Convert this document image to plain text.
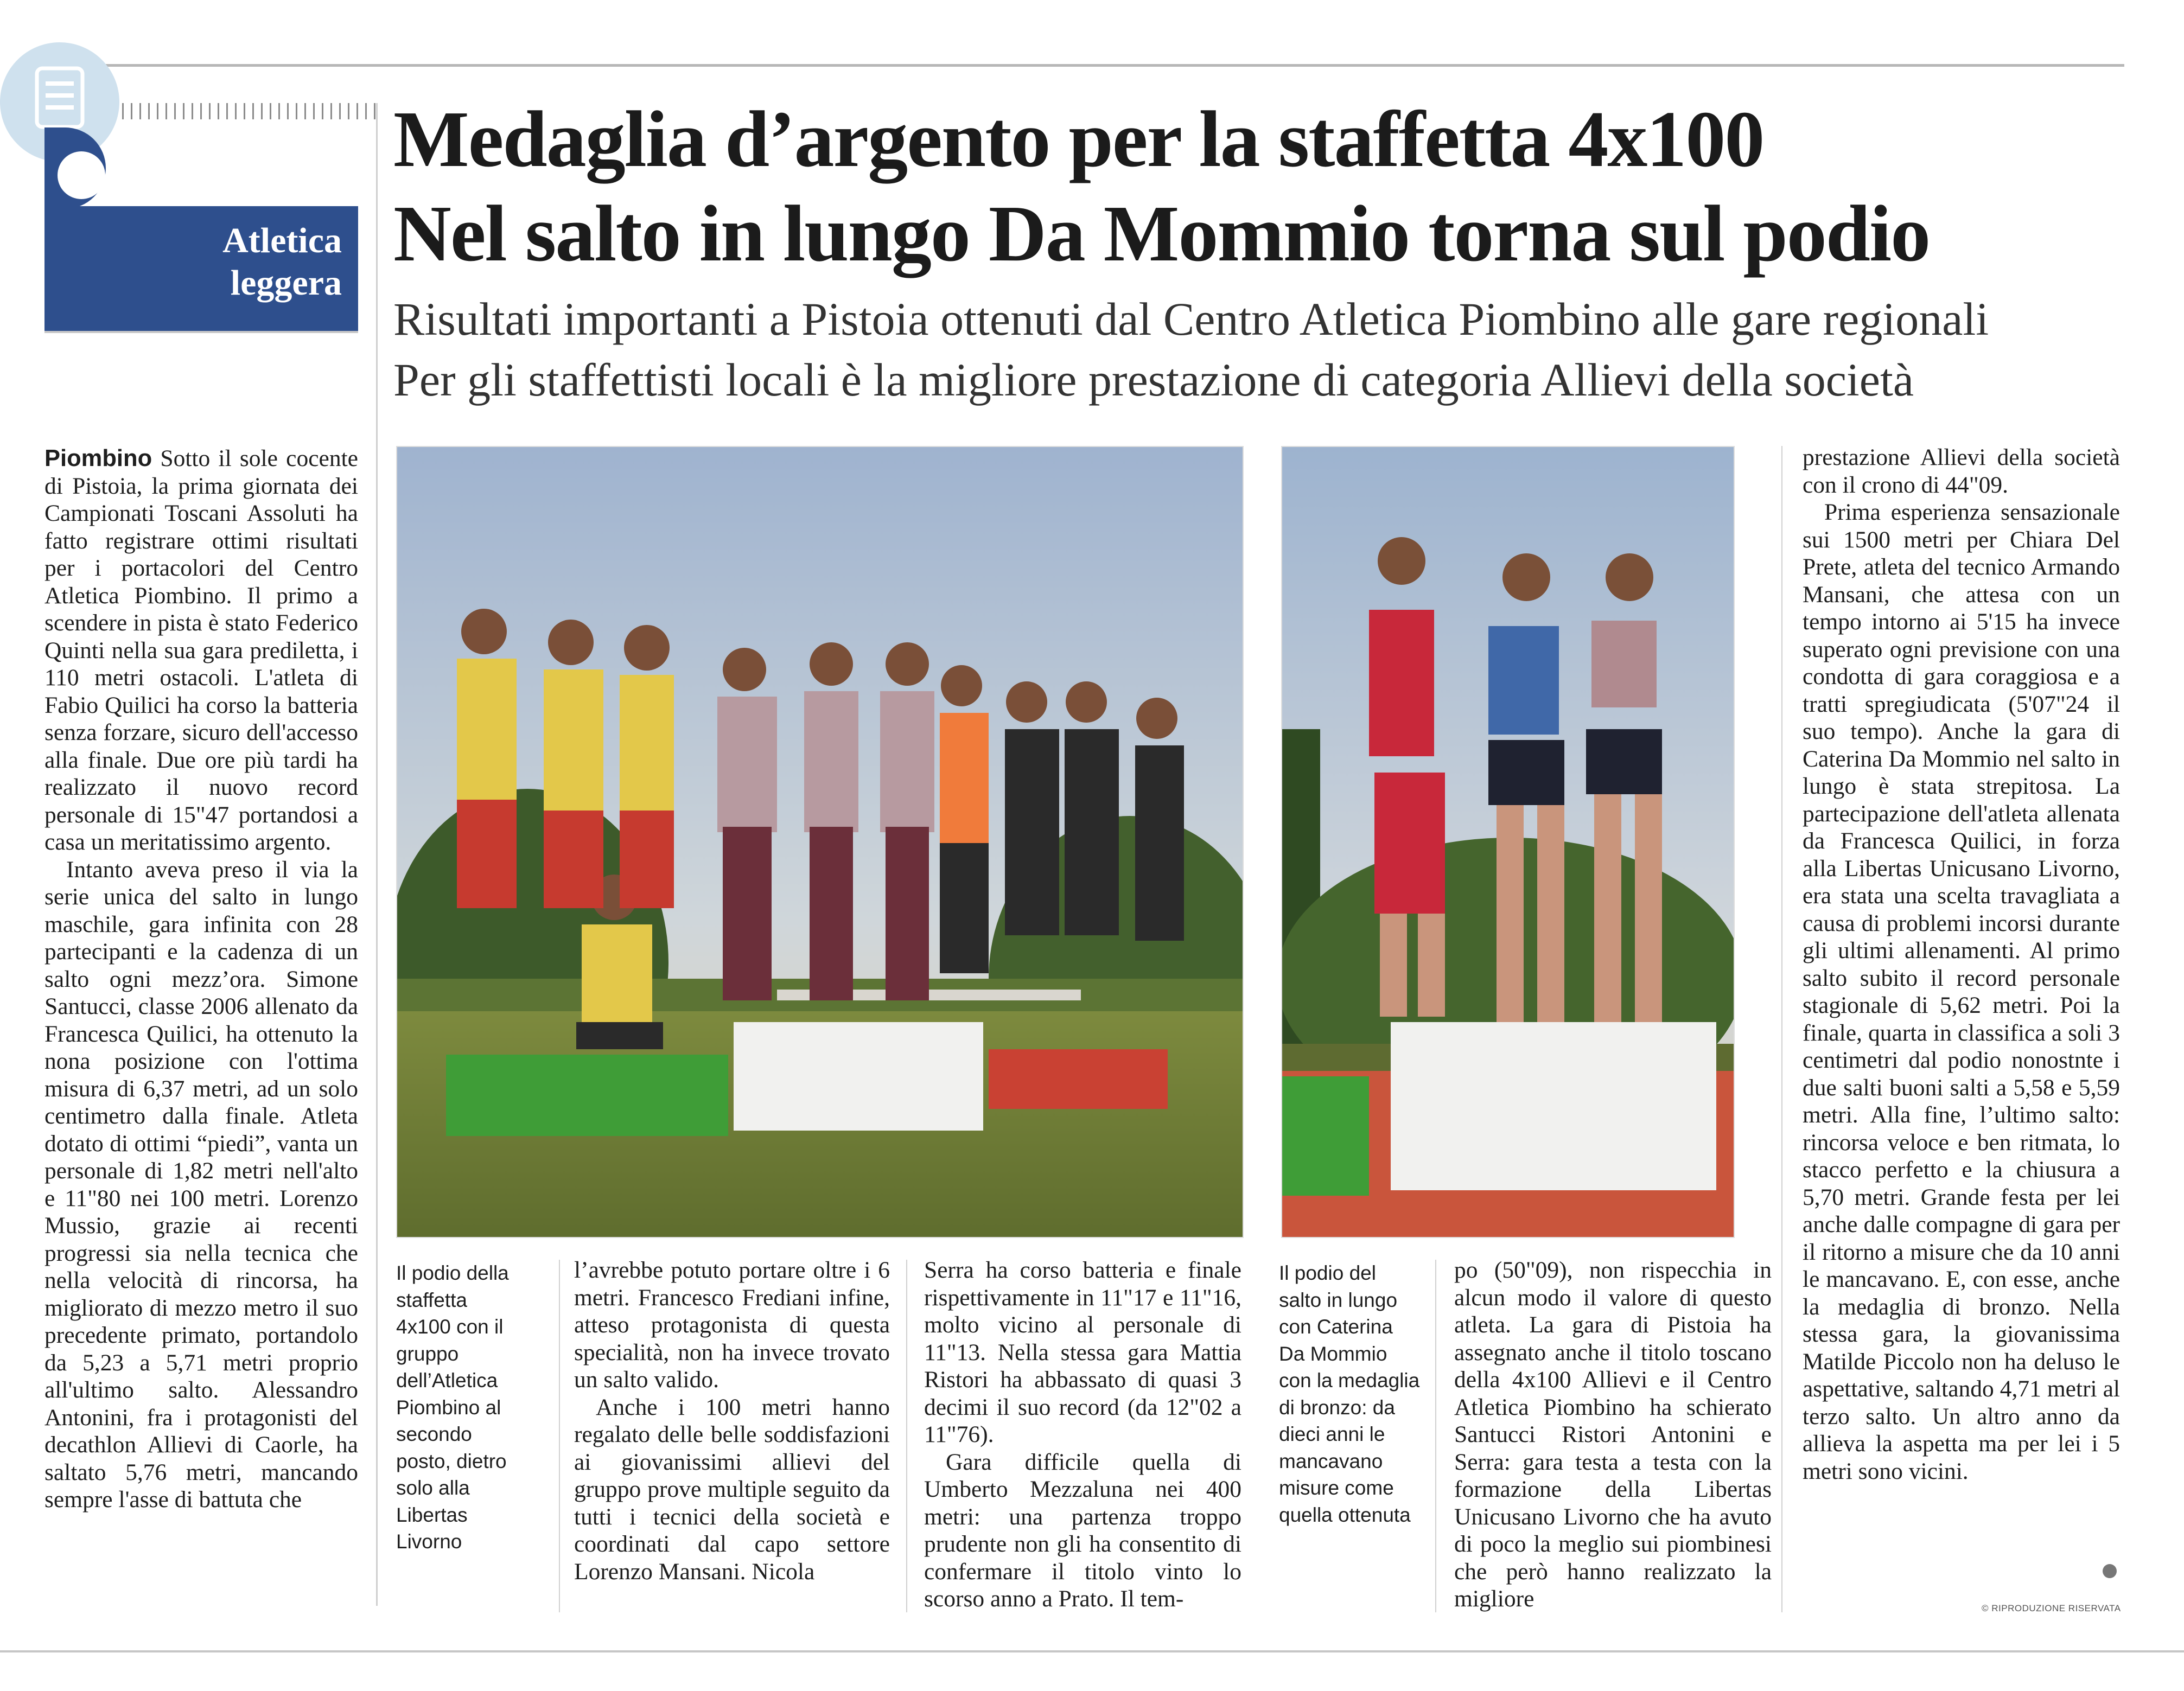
Atletica
leggera
Medaglia d’argento per la staffetta 4x100
Nel salto in lungo Da Mommio torna sul podio
Risultati importanti a Pistoia ottenuti dal Centro Atletica Piombino alle gare regionali
Per gli staffettisti locali è la migliore prestazione di categoria Allievi della società

Piombino Sotto il sole cocente di Pistoia, la prima giornata dei Campionati Toscani Assoluti ha fatto registrare ottimi risultati per i portacolori del Centro Atletica Piombino. Il primo a scendere in pista è stato Federico Quinti nella sua gara prediletta, i 110 metri ostacoli. L'atleta di Fabio Quilici ha corso la batteria senza forzare, sicuro dell'accesso alla finale. Due ore più tardi ha realizzato il nuovo record personale di 15"47 portandosi a casa un meritatissimo argento.

Intanto aveva preso il via la serie unica del salto in lungo maschile, gara infinita con 28 partecipanti e la cadenza di un salto ogni mezz’ora. Simone Santucci, classe 2006 allenato da Francesca Quilici, ha ottenuto la nona posizione con l'ottima misura di 6,37 metri, ad un solo centimetro dalla finale. Atleta dotato di ottimi “piedi”, vanta un personale di 1,82 metri nell'alto e 11"80 nei 100 metri. Lorenzo Mussio, grazie ai recenti progressi sia nella tecnica che nella velocità di rincorsa, ha migliorato di mezzo metro il suo precedente primato, portandolo da 5,23 a 5,71 metri proprio all'ultimo salto. Alessandro Antonini, fra i protagonisti del decathlon Allievi di Caorle, ha saltato 5,76 metri, mancando sempre l'asse di battuta che

Il podio della staffetta 4x100 con il gruppo dell’Atletica Piombino al secondo posto, dietro solo alla Libertas Livorno

l’avrebbe potuto portare oltre i 6 metri. Francesco Frediani infine, atteso protagonista di questa specialità, non ha invece trovato un salto valido.

Anche i 100 metri hanno regalato delle belle soddisfazioni ai giovanissimi allievi del gruppo prove multiple seguito da tutti i tecnici della società e coordinati dal capo settore Lorenzo Mansani. Nicola

Serra ha corso batteria e finale rispettivamente in 11"17 e 11"16, molto vicino al personale di 11"13. Nella stessa gara Mattia Ristori ha abbassato di quasi 3 decimi il suo record (da 12"02 a 11"76).

Gara difficile quella di Umberto Mezzaluna nei 400 metri: una partenza troppo prudente non gli ha consentito di confermare il titolo vinto lo scorso anno a Prato. Il tem-

Il podio del salto in lungo con Caterina Da Mommio con la medaglia di bronzo: da dieci anni le mancavano misure come quella ottenuta

po (50"09), non rispecchia in alcun modo il valore di questo atleta. La gara di Pistoia ha assegnato anche il titolo toscano della 4x100 Allievi e il Centro Atletica Piombino ha schierato Santucci Ristori Antonini e Serra: gara testa a testa con la formazione della Libertas Unicusano Livorno che ha avuto di poco la meglio sui piombinesi che però hanno realizzato la migliore

prestazione Allievi della società con il crono di 44"09.

Prima esperienza sensazionale sui 1500 metri per Chiara Del Prete, atleta del tecnico Armando Mansani, che attesa con un tempo intorno ai 5'15 ha invece superato ogni previsione con una condotta di gara coraggiosa e a tratti spregiudicata (5'07"24 il suo tempo). Anche la gara di Caterina Da Mommio nel salto in lungo è stata strepitosa. La partecipazione dell'atleta allenata da Francesca Quilici, in forza alla Libertas Unicusano Livorno, era stata una scelta travagliata a causa di problemi incorsi durante gli ultimi allenamenti. Al primo salto subito il record personale stagionale di 5,62 metri. Poi la finale, quarta in classifica a soli 3 centimetri dal podio nonostnte i due salti buoni salti a 5,58 e 5,59 metri. Alla fine, l’ultimo salto: rincorsa veloce e ben ritmata, lo stacco perfetto e la chiusura a 5,70 metri. Grande festa per lei anche dalle compagne di gara per il ritorno a misure che da 10 anni le mancavano. E, con esse, anche la medaglia di bronzo. Nella stessa gara, la giovanissima Matilde Piccolo non ha deluso le aspettative, saltando 4,71 metri al terzo salto. Un altro anno da allieva la aspetta ma per lei i 5 metri sono vicini.

© RIPRODUZIONE RISERVATA
